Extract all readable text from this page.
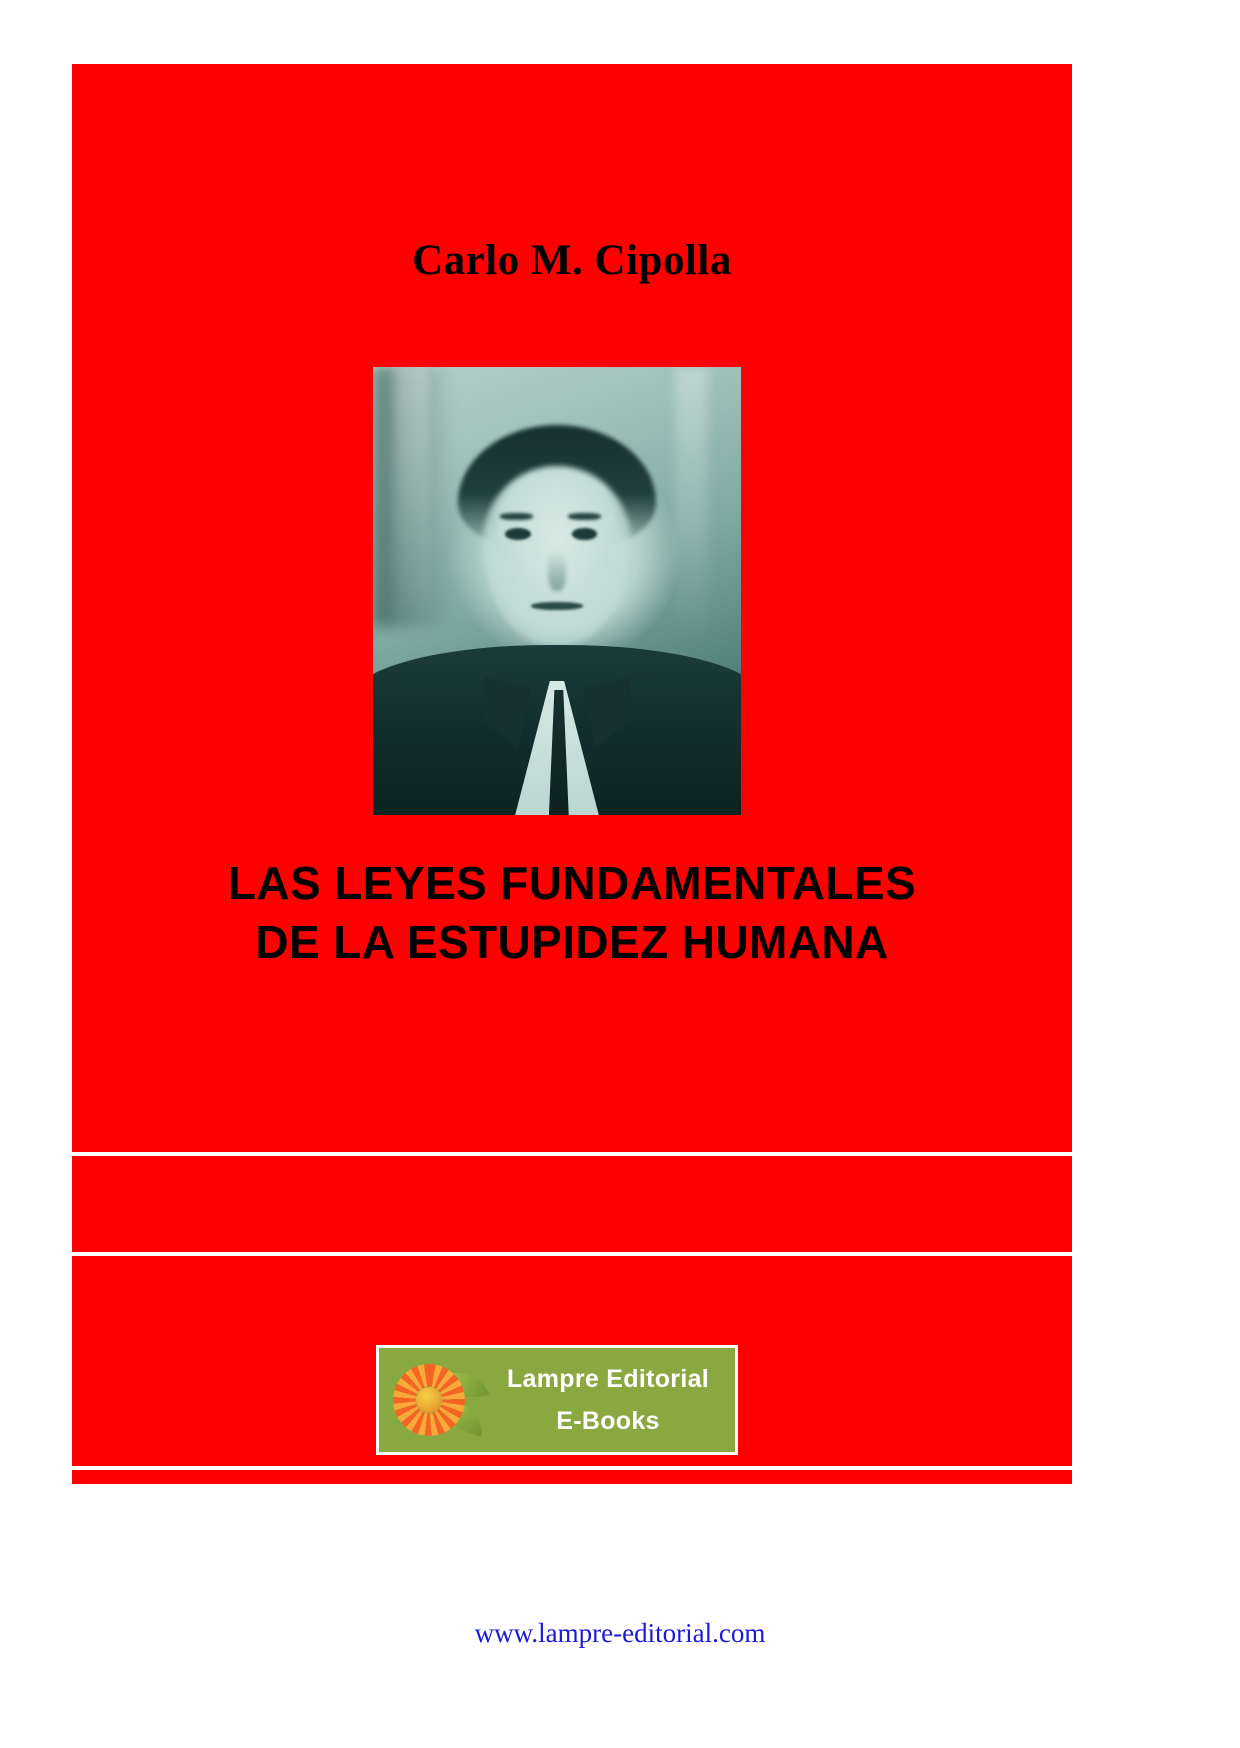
Carlo M. Cipolla
LAS LEYES FUNDAMENTALES
DE LA ESTUPIDEZ HUMANA
Lampre Editorial
E-Books
www.lampre-editorial.com
